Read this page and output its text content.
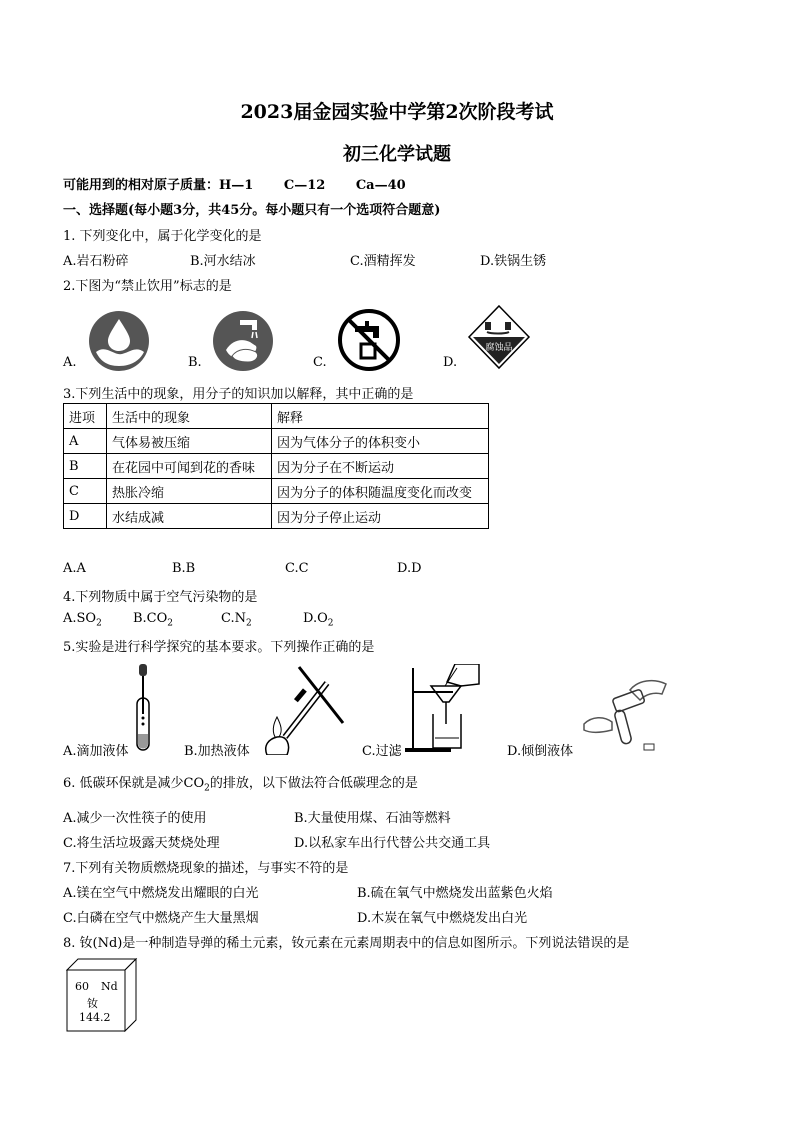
2023届金园实验中学第2次阶段考试
初三化学试题
可能用到的相对原子质量：H—1　　 C—12　　 Ca—40
一、选择题(每小题3分，共45分。每小题只有一个选项符合题意)
1. 下列变化中，属于化学变化的是
A.岩石粉碎	B.河水结冰	C.酒精挥发	D.铁锅生锈
2.下图为“禁止饮用”标志的是
A.	B.	C.	D.
腐蚀品
3.下列生活中的现象，用分子的知识加以解释，其中正确的是
进项	生活中的现象	解释
A	气体易被压缩	因为气体分子的体积变小
B	在花园中可闻到花的香味	因为分子在不断运动
C	热胀冷缩	因为分子的体积随温度变化而改变
D	水结成减	因为分子停止运动
A.A	B.B	C.C	D.D
4.下列物质中属于空气污染物的是
$A.SO_2$ $B.CO_2$	$C.N_2$	$D.O_2$
5.实验是进行科学探究的基本要求。下列操作正确的是
A.滴加液体	B.加热液体	C.过滤	D.倾倒液体
6. 低碳环保就是减少$CO_2$的排放，以下做法符合低碳理念的是
A.减少一次性筷子的使用	B.大量使用煤、石油等燃料
C.将生活垃圾露天焚烧处理	D.以私家车出行代替公共交通工具
7.下列有关物质燃烧现象的描述，与事实不符的是
A.镁在空气中燃烧发出耀眼的白光	B.硫在氧气中燃烧发出蓝紫色火焰
C.白磷在空气中燃烧产生大量黑烟	D.木炭在氧气中燃烧发出白光
8. 钕(Nd)是一种制造导弹的稀土元素，钕元素在元素周期表中的信息如图所示。下列说法错误的是
60 Nd
钕
144.2
